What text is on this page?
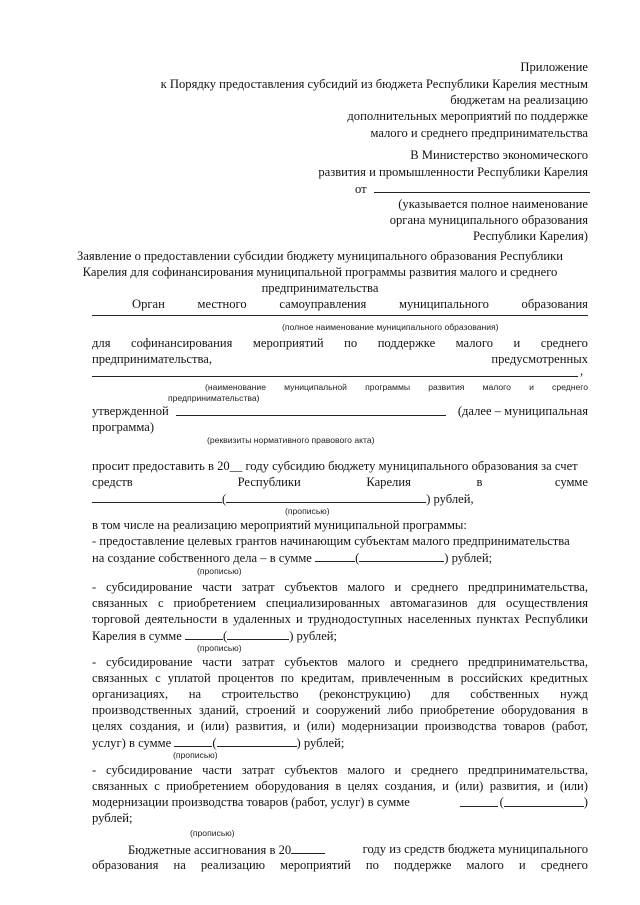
Приложение
к Порядку предоставления субсидий из бюджета Республики Карелия местным
бюджетам на реализацию
дополнительных мероприятий по поддержке
малого и среднего предпринимательства
В Министерство экономического
развития и промышленности Республики Карелия
от
(указывается полное наименование
органа муниципального образования
Республики Карелия)
Заявление о предоставлении субсидии бюджету муниципального образования Республики
Карелия для софинансирования муниципальной программы развития малого и среднего
предпринимательства
Орган	местного	самоуправления	муниципального	образования
(полное наименование муниципального образования)
для софинансирования мероприятий по поддержке малого и среднего
предпринимательства,	предусмотренных
,
(наименование муниципальной программы развития малого и среднего
предпринимательства)
утвержденной	(далее – муниципальная
программа)
(реквизиты нормативного правового акта)
просит предоставить в 20__ году субсидию бюджету муниципального образования за счет
средств	Республики	Карелия	в	сумме
(	) рублей,
(прописью)
в том числе на реализацию мероприятий муниципальной программы:
- предоставление целевых грантов начинающим субъектам малого предпринимательства
на создание собственного дела – в сумме	(	) рублей;
(прописью)
- субсидирование части затрат субъектов малого и среднего предпринимательства,
связанных с приобретением специализированных автомагазинов для осуществления
торговой деятельности в удаленных и труднодоступных населенных пунктах Республики
Карелия в сумме	(	) рублей;
(прописью)
- субсидирование части затрат субъектов малого и среднего предпринимательства,
связанных с уплатой процентов по кредитам, привлеченным в российских кредитных
организациях, на строительство (реконструкцию) для собственных нужд
производственных зданий, строений и сооружений либо приобретение оборудования в
целях создания, и (или) развития, и (или) модернизации производства товаров (работ,
услуг) в сумме	(	) рублей;
(прописью)
- субсидирование части затрат субъектов малого и среднего предпринимательства,
связанных с приобретением оборудования в целях создания, и (или) развития, и (или)
модернизации производства товаров (работ, услуг) в сумме	(	)
рублей;
(прописью)
Бюджетные ассигнования в 20	году из средств бюджета муниципального
образования на реализацию мероприятий по поддержке малого и среднего
